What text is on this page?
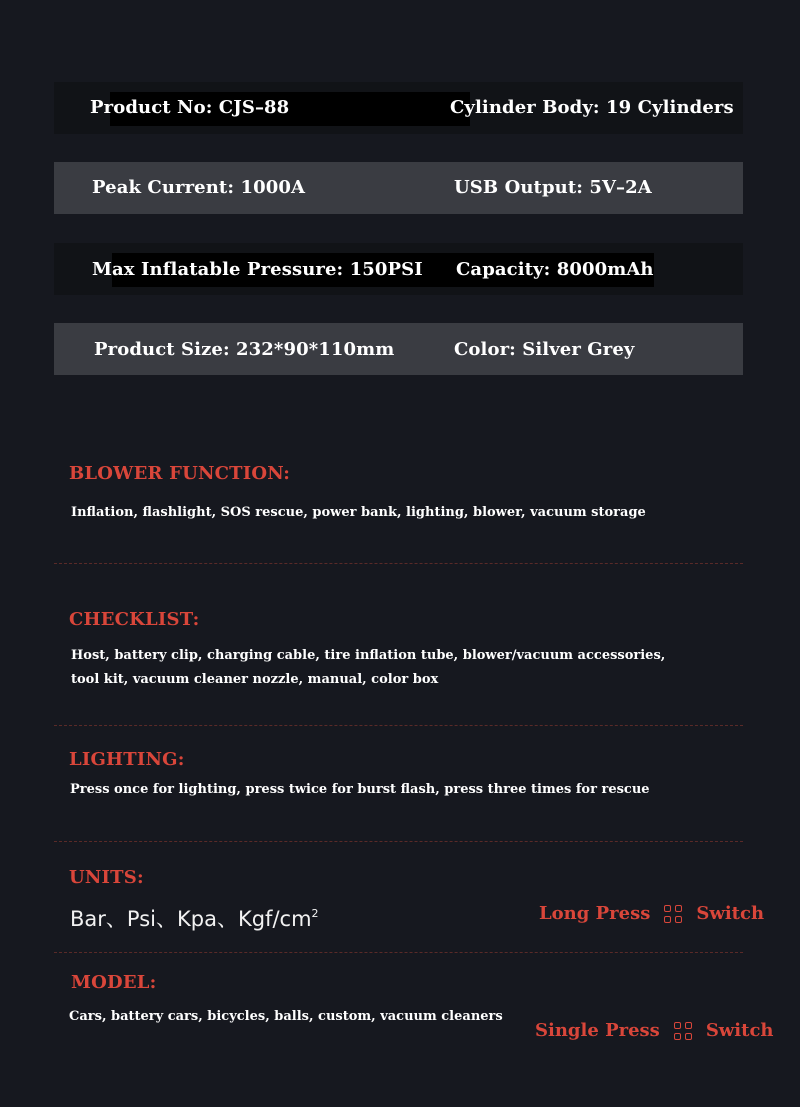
Product No: CJS–88	Cylinder Body: 19 Cylinders
Peak Current: 1000A	USB Output: 5V–2A
Max Inflatable Pressure: 150PSI Capacity: 8000mAh
Product Size: 232*90*110mm	Color: Silver Grey
BLOWER FUNCTION:
Inflation, flashlight, SOS rescue, power bank, lighting, blower, vacuum storage
CHECKLIST:
Host, battery clip, charging cable, tire inflation tube, blower/vacuum accessories,
tool kit, vacuum cleaner nozzle, manual, color box
LIGHTING:
Press once for lighting, press twice for burst flash, press three times for rescue
UNITS:
Bar、Psi、Kpa、Kgf/$cm^2$	Long Press	Switch
MODEL:
Cars, battery cars, bicycles, balls, custom, vacuum cleaners
Single Press	Switch
